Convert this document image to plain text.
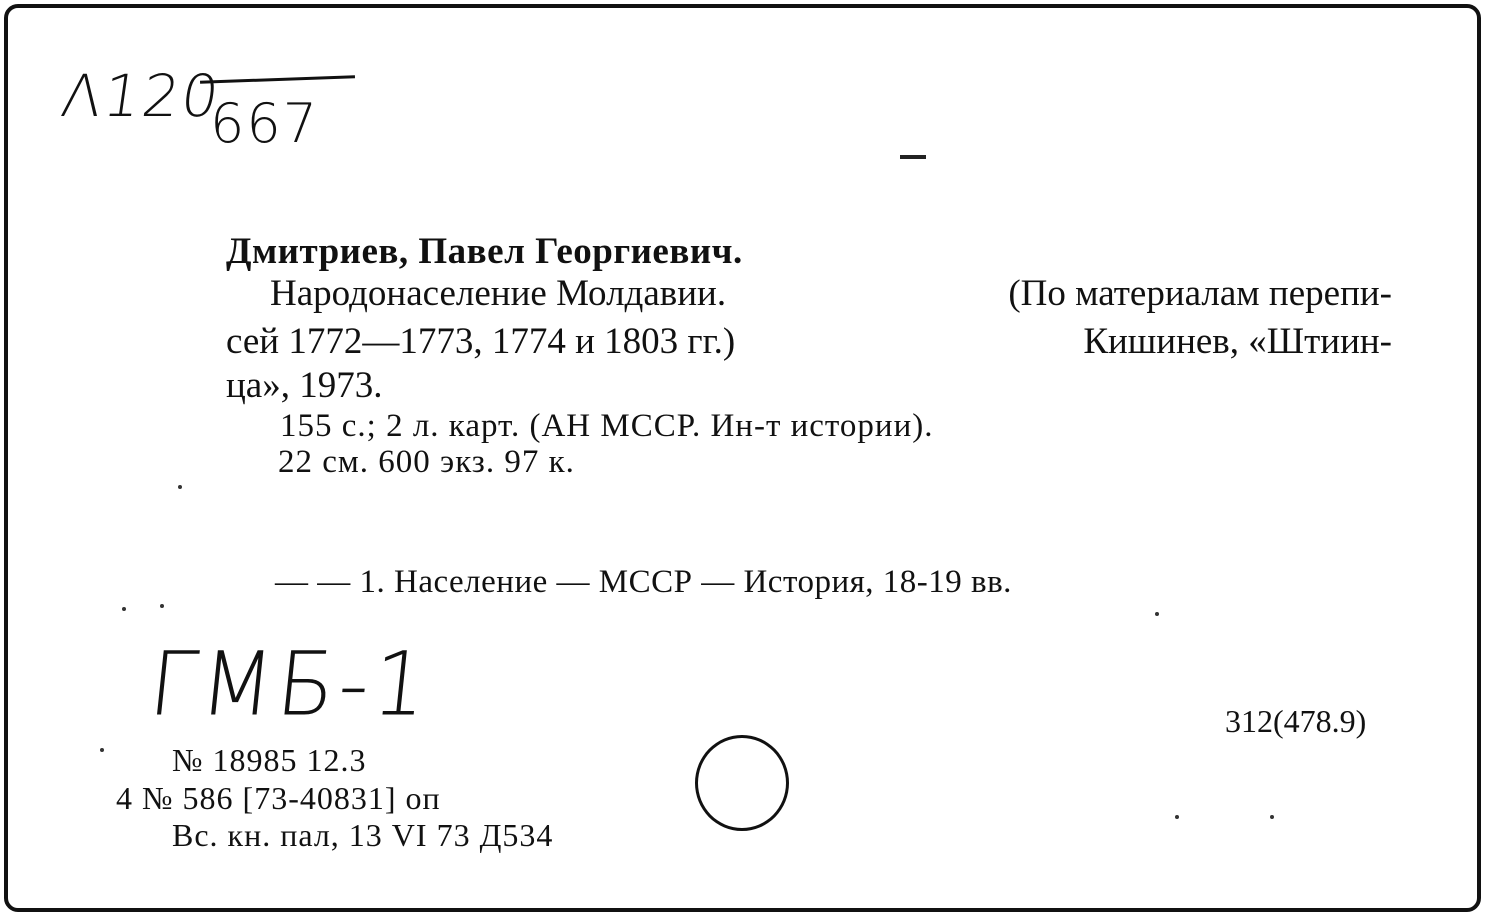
Λ120
667
Дмитриев, Павел Георгиевич.
Народонаселение Молдавии.	(По материалам перепи-
сей 1772—1773, 1774 и 1803 гг.)	Кишинев, «Штиин-
ца», 1973.
155 с.; 2 л. карт. (АН МССР. Ин-т истории).
22 см. 600 экз. 97 к.
— — 1. Население — МССР — История, 18-19 вв.
ГМБ-1	312(478.9)
№ 18985 12.3
4 № 586 [73-40831] оп
Вс. кн. пал, 13 VI 73 Д534
